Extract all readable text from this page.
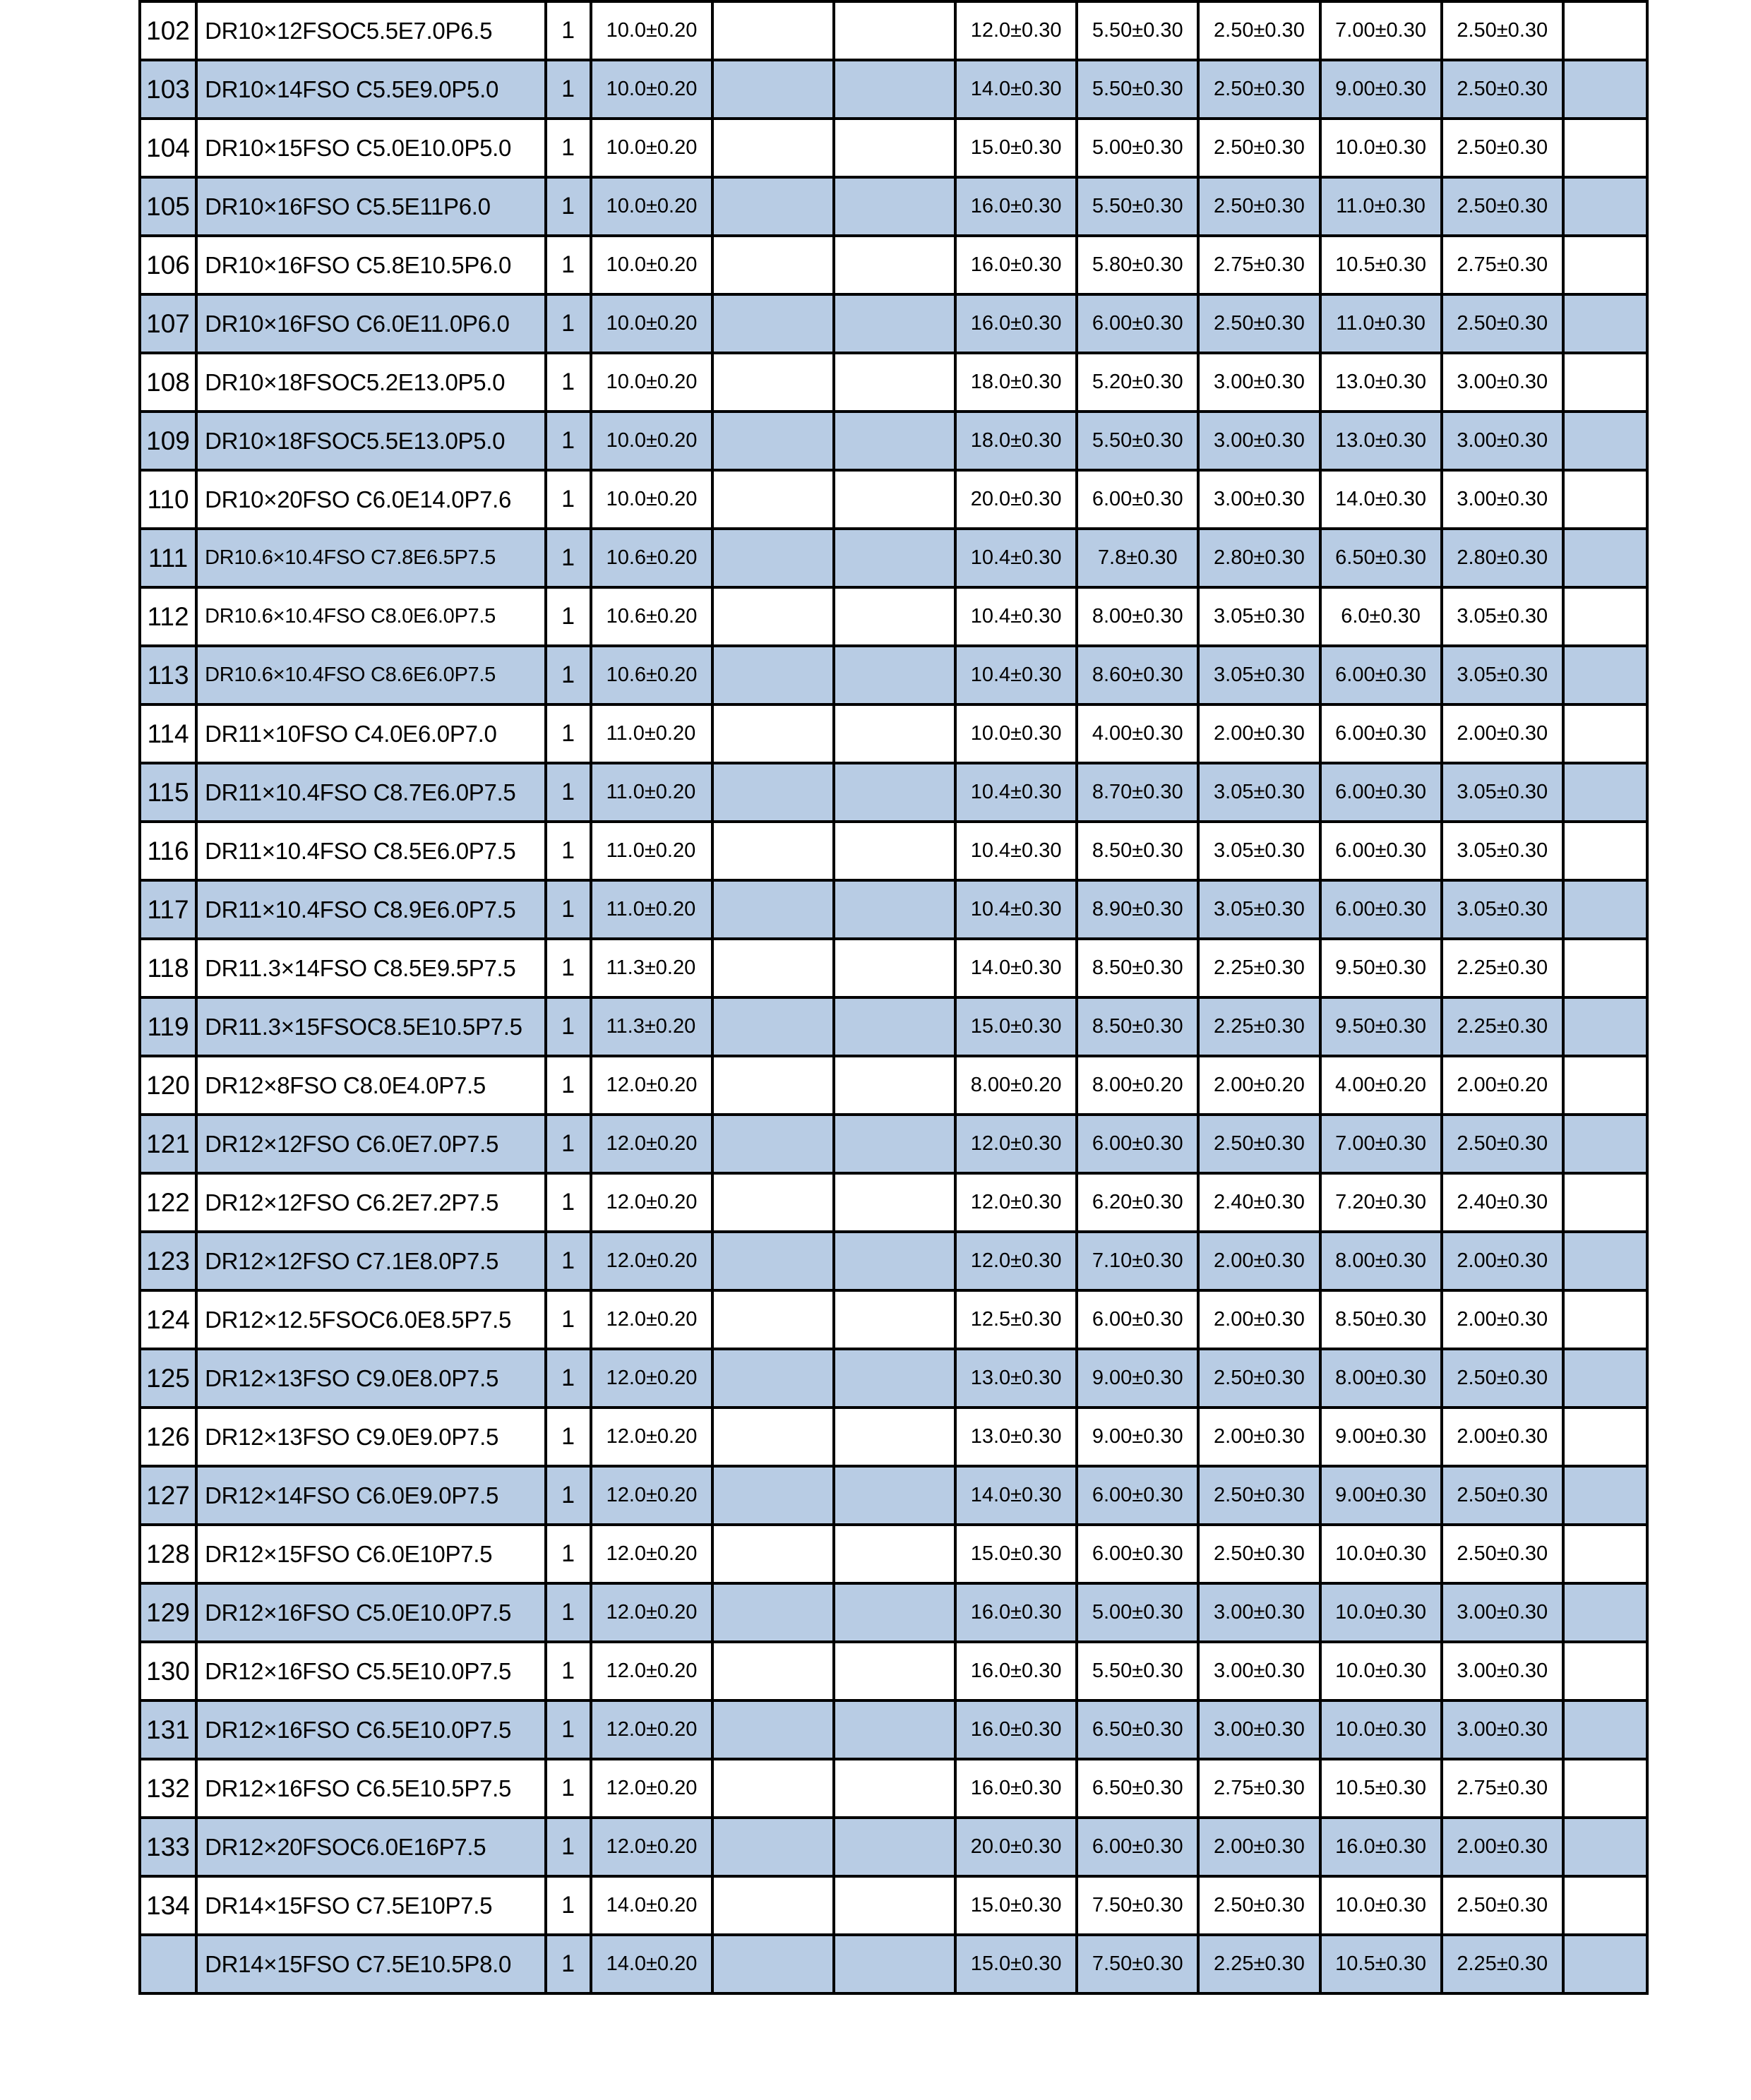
102	DR10×12FSOC5.5E7.0P6.5	1	10.0±0.20			12.0±0.30	5.50±0.30	2.50±0.30	7.00±0.30	2.50±0.30	
103	DR10×14FSO C5.5E9.0P5.0	1	10.0±0.20			14.0±0.30	5.50±0.30	2.50±0.30	9.00±0.30	2.50±0.30	
104	DR10×15FSO C5.0E10.0P5.0	1	10.0±0.20			15.0±0.30	5.00±0.30	2.50±0.30	10.0±0.30	2.50±0.30	
105	DR10×16FSO C5.5E11P6.0	1	10.0±0.20			16.0±0.30	5.50±0.30	2.50±0.30	11.0±0.30	2.50±0.30	
106	DR10×16FSO C5.8E10.5P6.0	1	10.0±0.20			16.0±0.30	5.80±0.30	2.75±0.30	10.5±0.30	2.75±0.30	
107	DR10×16FSO C6.0E11.0P6.0	1	10.0±0.20			16.0±0.30	6.00±0.30	2.50±0.30	11.0±0.30	2.50±0.30	
108	DR10×18FSOC5.2E13.0P5.0	1	10.0±0.20			18.0±0.30	5.20±0.30	3.00±0.30	13.0±0.30	3.00±0.30	
109	DR10×18FSOC5.5E13.0P5.0	1	10.0±0.20			18.0±0.30	5.50±0.30	3.00±0.30	13.0±0.30	3.00±0.30	
110	DR10×20FSO C6.0E14.0P7.6	1	10.0±0.20			20.0±0.30	6.00±0.30	3.00±0.30	14.0±0.30	3.00±0.30	
111	DR10.6×10.4FSO C7.8E6.5P7.5	1	10.6±0.20			10.4±0.30	7.8±0.30	2.80±0.30	6.50±0.30	2.80±0.30	
112	DR10.6×10.4FSO C8.0E6.0P7.5	1	10.6±0.20			10.4±0.30	8.00±0.30	3.05±0.30	6.0±0.30	3.05±0.30	
113	DR10.6×10.4FSO C8.6E6.0P7.5	1	10.6±0.20			10.4±0.30	8.60±0.30	3.05±0.30	6.00±0.30	3.05±0.30	
114	DR11×10FSO C4.0E6.0P7.0	1	11.0±0.20			10.0±0.30	4.00±0.30	2.00±0.30	6.00±0.30	2.00±0.30	
115	DR11×10.4FSO C8.7E6.0P7.5	1	11.0±0.20			10.4±0.30	8.70±0.30	3.05±0.30	6.00±0.30	3.05±0.30	
116	DR11×10.4FSO C8.5E6.0P7.5	1	11.0±0.20			10.4±0.30	8.50±0.30	3.05±0.30	6.00±0.30	3.05±0.30	
117	DR11×10.4FSO C8.9E6.0P7.5	1	11.0±0.20			10.4±0.30	8.90±0.30	3.05±0.30	6.00±0.30	3.05±0.30	
118	DR11.3×14FSO C8.5E9.5P7.5	1	11.3±0.20			14.0±0.30	8.50±0.30	2.25±0.30	9.50±0.30	2.25±0.30	
119	DR11.3×15FSOC8.5E10.5P7.5	1	11.3±0.20			15.0±0.30	8.50±0.30	2.25±0.30	9.50±0.30	2.25±0.30	
120	DR12×8FSO C8.0E4.0P7.5	1	12.0±0.20			8.00±0.20	8.00±0.20	2.00±0.20	4.00±0.20	2.00±0.20	
121	DR12×12FSO C6.0E7.0P7.5	1	12.0±0.20			12.0±0.30	6.00±0.30	2.50±0.30	7.00±0.30	2.50±0.30	
122	DR12×12FSO C6.2E7.2P7.5	1	12.0±0.20			12.0±0.30	6.20±0.30	2.40±0.30	7.20±0.30	2.40±0.30	
123	DR12×12FSO C7.1E8.0P7.5	1	12.0±0.20			12.0±0.30	7.10±0.30	2.00±0.30	8.00±0.30	2.00±0.30	
124	DR12×12.5FSOC6.0E8.5P7.5	1	12.0±0.20			12.5±0.30	6.00±0.30	2.00±0.30	8.50±0.30	2.00±0.30	
125	DR12×13FSO C9.0E8.0P7.5	1	12.0±0.20			13.0±0.30	9.00±0.30	2.50±0.30	8.00±0.30	2.50±0.30	
126	DR12×13FSO C9.0E9.0P7.5	1	12.0±0.20			13.0±0.30	9.00±0.30	2.00±0.30	9.00±0.30	2.00±0.30	
127	DR12×14FSO C6.0E9.0P7.5	1	12.0±0.20			14.0±0.30	6.00±0.30	2.50±0.30	9.00±0.30	2.50±0.30	
128	DR12×15FSO C6.0E10P7.5	1	12.0±0.20			15.0±0.30	6.00±0.30	2.50±0.30	10.0±0.30	2.50±0.30	
129	DR12×16FSO C5.0E10.0P7.5	1	12.0±0.20			16.0±0.30	5.00±0.30	3.00±0.30	10.0±0.30	3.00±0.30	
130	DR12×16FSO C5.5E10.0P7.5	1	12.0±0.20			16.0±0.30	5.50±0.30	3.00±0.30	10.0±0.30	3.00±0.30	
131	DR12×16FSO C6.5E10.0P7.5	1	12.0±0.20			16.0±0.30	6.50±0.30	3.00±0.30	10.0±0.30	3.00±0.30	
132	DR12×16FSO C6.5E10.5P7.5	1	12.0±0.20			16.0±0.30	6.50±0.30	2.75±0.30	10.5±0.30	2.75±0.30	
133	DR12×20FSOC6.0E16P7.5	1	12.0±0.20			20.0±0.30	6.00±0.30	2.00±0.30	16.0±0.30	2.00±0.30	
134	DR14×15FSO C7.5E10P7.5	1	14.0±0.20			15.0±0.30	7.50±0.30	2.50±0.30	10.0±0.30	2.50±0.30	
	DR14×15FSO C7.5E10.5P8.0	1	14.0±0.20			15.0±0.30	7.50±0.30	2.25±0.30	10.5±0.30	2.25±0.30	
